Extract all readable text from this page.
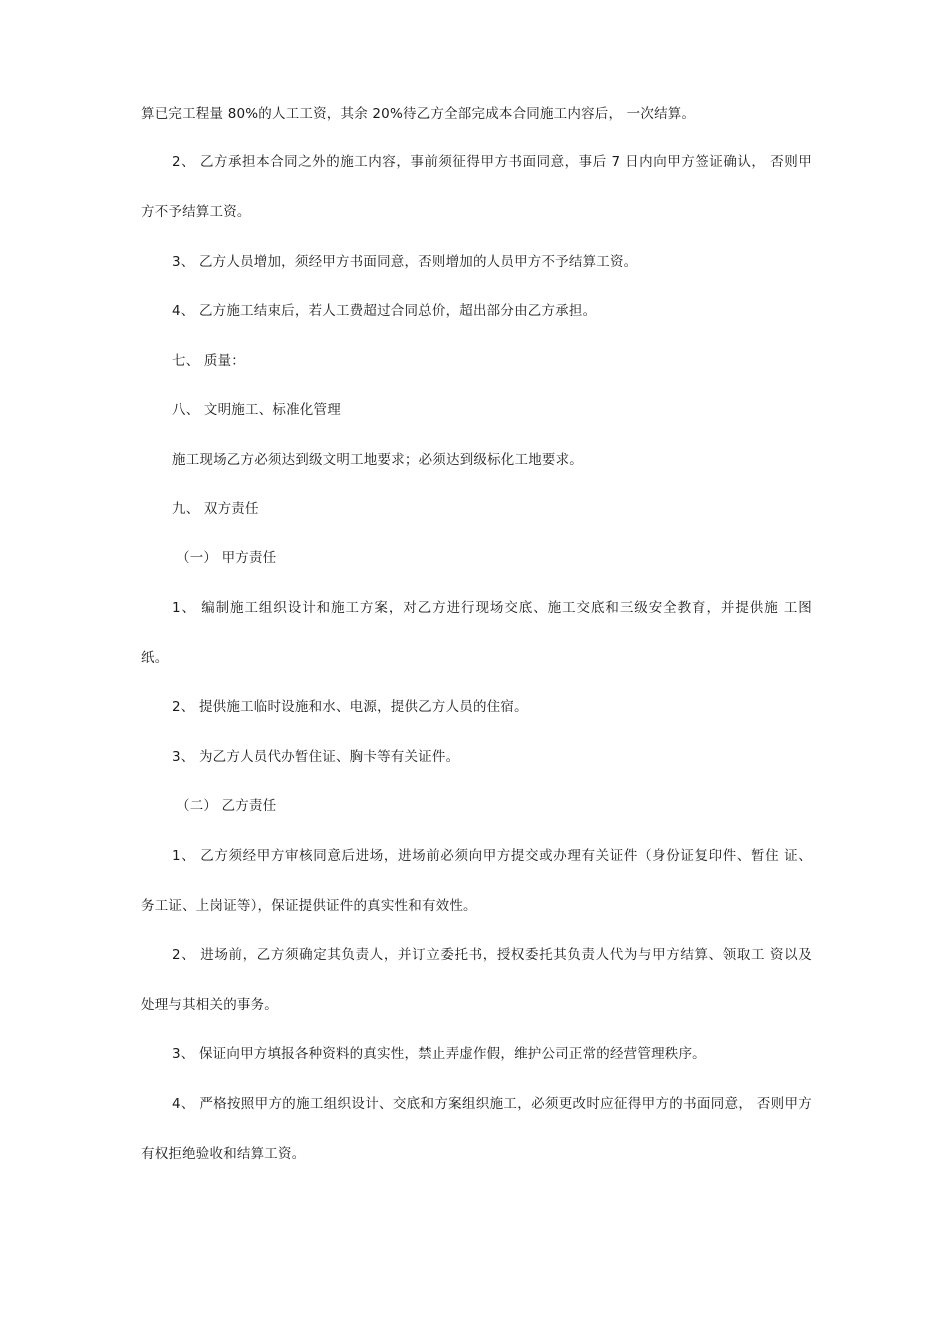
算已完工程量 80%的人工工资，其余 20%待乙方全部完成本合同施工内容后， 一次结算。
2、 乙方承担本合同之外的施工内容，事前须征得甲方书面同意，事后 7 日内向甲方签证确认， 否则甲
方不予结算工资。
3、 乙方人员增加，须经甲方书面同意，否则增加的人员甲方不予结算工资。
4、 乙方施工结束后，若人工费超过合同总价，超出部分由乙方承担。
七、 质量：
八、 文明施工、标准化管理
施工现场乙方必须达到级文明工地要求；必须达到级标化工地要求。
九、 双方责任
（一） 甲方责任
1、 编制施工组织设计和施工方案，对乙方进行现场交底、施工交底和三级安全教育，并提供施 工图
纸。
2、 提供施工临时设施和水、电源，提供乙方人员的住宿。
3、 为乙方人员代办暂住证、胸卡等有关证件。
（二） 乙方责任
1、 乙方须经甲方审核同意后进场，进场前必须向甲方提交或办理有关证件（身份证复印件、暂住 证、
务工证、上岗证等），保证提供证件的真实性和有效性。
2、 进场前，乙方须确定其负责人，并订立委托书，授权委托其负责人代为与甲方结算、领取工 资以及
处理与其相关的事务。
3、 保证向甲方填报各种资料的真实性，禁止弄虚作假，维护公司正常的经营管理秩序。
4、 严格按照甲方的施工组织设计、交底和方案组织施工，必须更改时应征得甲方的书面同意， 否则甲方
有权拒绝验收和结算工资。
